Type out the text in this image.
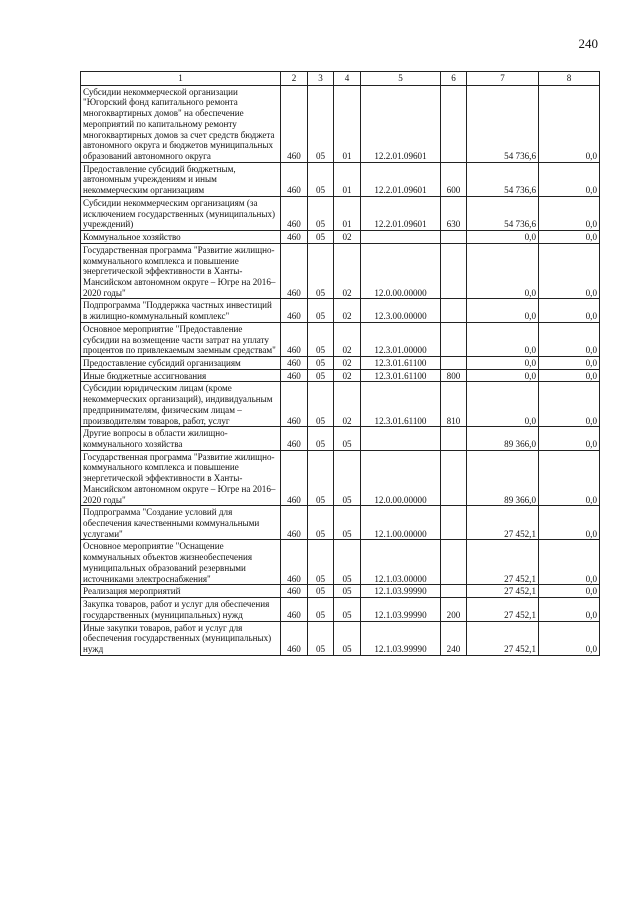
240
1	2	3	4	5	6	7	8
Субсидии некоммерческой организации "Югорский фонд капитального ремонта многоквартирных домов" на обеспечение мероприятий по капитальному ремонту многоквартирных домов за счет средств бюджета автономного округа и бюджетов муниципальных образований автономного округа	460	05	01	12.2.01.09601		54 736,6	0,0
Предоставление субсидий бюджетным, автономным учреждениям и иным некоммерческим организациям	460	05	01	12.2.01.09601	600	54 736,6	0,0
Субсидии некоммерческим организациям (за исключением государственных (муниципальных) учреждений)	460	05	01	12.2.01.09601	630	54 736,6	0,0
Коммунальное хозяйство	460	05	02			0,0	0,0
Государственная программа "Развитие жилищно-коммунального комплекса и повышение энергетической эффективности в Ханты-Мансийском автономном округе – Югре на 2016–2020 годы"	460	05	02	12.0.00.00000		0,0	0,0
Подпрограмма "Поддержка частных инвестиций в жилищно-коммунальный комплекс"	460	05	02	12.3.00.00000		0,0	0,0
Основное мероприятие "Предоставление субсидии на возмещение части затрат на уплату процентов по привлекаемым заемным средствам"	460	05	02	12.3.01.00000		0,0	0,0
Предоставление субсидий организациям	460	05	02	12.3.01.61100		0,0	0,0
Иные бюджетные ассигнования	460	05	02	12.3.01.61100	800	0,0	0,0
Субсидии юридическим лицам (кроме некоммерческих организаций), индивидуальным предпринимателям, физическим лицам – производителям товаров, работ, услуг	460	05	02	12.3.01.61100	810	0,0	0,0
Другие вопросы в области жилищно-коммунального хозяйства	460	05	05			89 366,0	0,0
Государственная программа "Развитие жилищно-коммунального комплекса и повышение энергетической эффективности в Ханты-Мансийском автономном округе – Югре на 2016–2020 годы"	460	05	05	12.0.00.00000		89 366,0	0,0
Подпрограмма "Создание условий для обеспечения качественными коммунальными услугами"	460	05	05	12.1.00.00000		27 452,1	0,0
Основное мероприятие "Оснащение коммунальных объектов жизнеобеспечения муниципальных образований резервными источниками электроснабжения"	460	05	05	12.1.03.00000		27 452,1	0,0
Реализация мероприятий	460	05	05	12.1.03.99990		27 452,1	0,0
Закупка товаров, работ и услуг для обеспечения государственных (муниципальных) нужд	460	05	05	12.1.03.99990	200	27 452,1	0,0
Иные закупки товаров, работ и услуг для обеспечения государственных (муниципальных) нужд	460	05	05	12.1.03.99990	240	27 452,1	0,0
